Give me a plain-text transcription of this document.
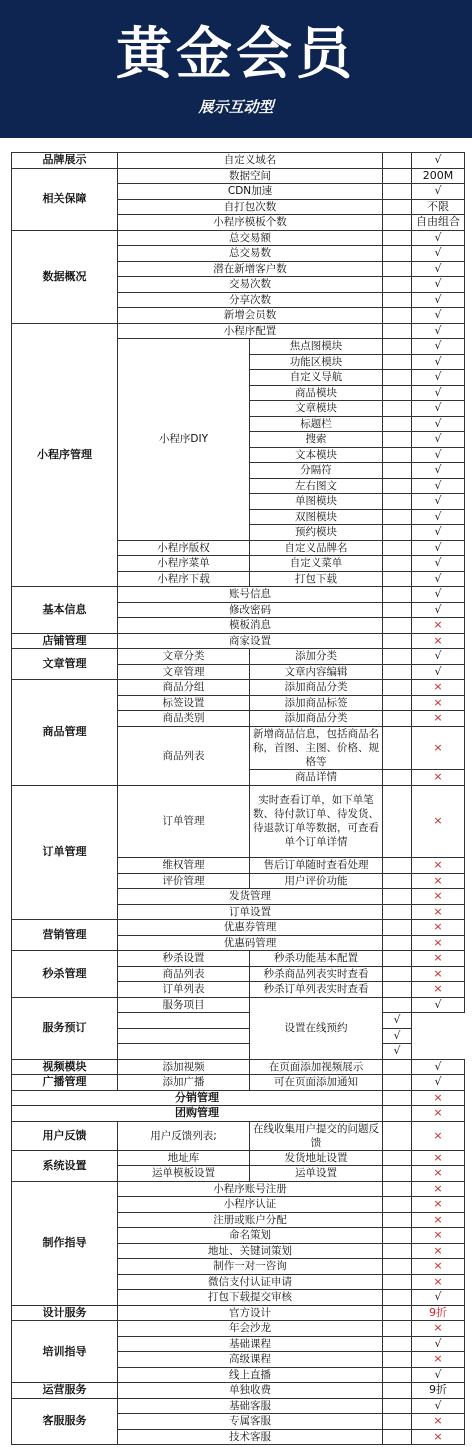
黄金会员
展示互动型
品牌展示	自定义域名			√
相关保障	数据空间			200M
	CDN加速			√
	自打包次数			不限
	小程序模板个数			自由组合
数据概况	总交易额			√
	总交易数			√
	潜在新增客户数			√
	交易次数			√
	分享次数			√
	新增会员数			√
小程序管理	小程序配置			√
	小程序DIY	焦点图模块		√
		功能区模块		√
		自定义导航		√
		商品模块		√
		文章模块		√
		标题栏		√
		搜索		√
		文本模块		√
		分隔符		√
		左右图文		√
		单图模块		√
		双图模块		√
		预约模块		√
	小程序版权	自定义品牌名		√
	小程序菜单	自定义菜单		√
	小程序下载	打包下载		√
基本信息	账号信息			√
	修改密码			√
	模板消息			×
店铺管理	商家设置			×
文章管理	文章分类	添加分类		√
	文章管理	文章内容编辑		√
商品管理	商品分组	添加商品分类		×
	标签设置	添加商品标签		×
	商品类别	添加商品分类		×
	商品列表	新增商品信息，包括商品名称，首图、主图、价格、规格等		×
		商品详情		×
订单管理	订单管理	实时查看订单，如下单笔数、待付款订单、待发货、待退款订单等数据，可查看单个订单详情		×
	维权管理	售后订单随时查看处理		×
	评价管理	用户评价功能		×
	发货管理			×
	订单设置			×
营销管理	优惠券管理			×
	优惠码管理			×
秒杀管理	秒杀设置	秒杀功能基本配置		×
	商品列表	秒杀商品列表实时查看		×
	订单列表	秒杀订单列表实时查看		×
服务预订	服务项目	设置在线预约		√
			√	
			√	
			√	
视频模块	添加视频	在页面添加视频展示		√
广播管理	添加广播	可在页面添加通知		√
分销管理				×
团购管理				×
用户反馈	用户反馈列表;	在线收集用户提交的问题反馈		×
系统设置	地址库	发货地址设置		×
	运单模板设置	运单设置		×
制作指导	小程序账号注册			×
	小程序认证			×
	注册或账户分配			×
	命名策划			×
	地址、关键词策划			×
	制作一对一咨询			×
	微信支付认证申请			×
	打包下载提交审核			√
设计服务	官方设计			9折
培训指导	年会沙龙			×
	基础课程			√
	高级课程			×
	线上直播			√
运营服务	单独收费			9折
客服服务	基础客服			√
	专属客服			×
	技术客服			×
